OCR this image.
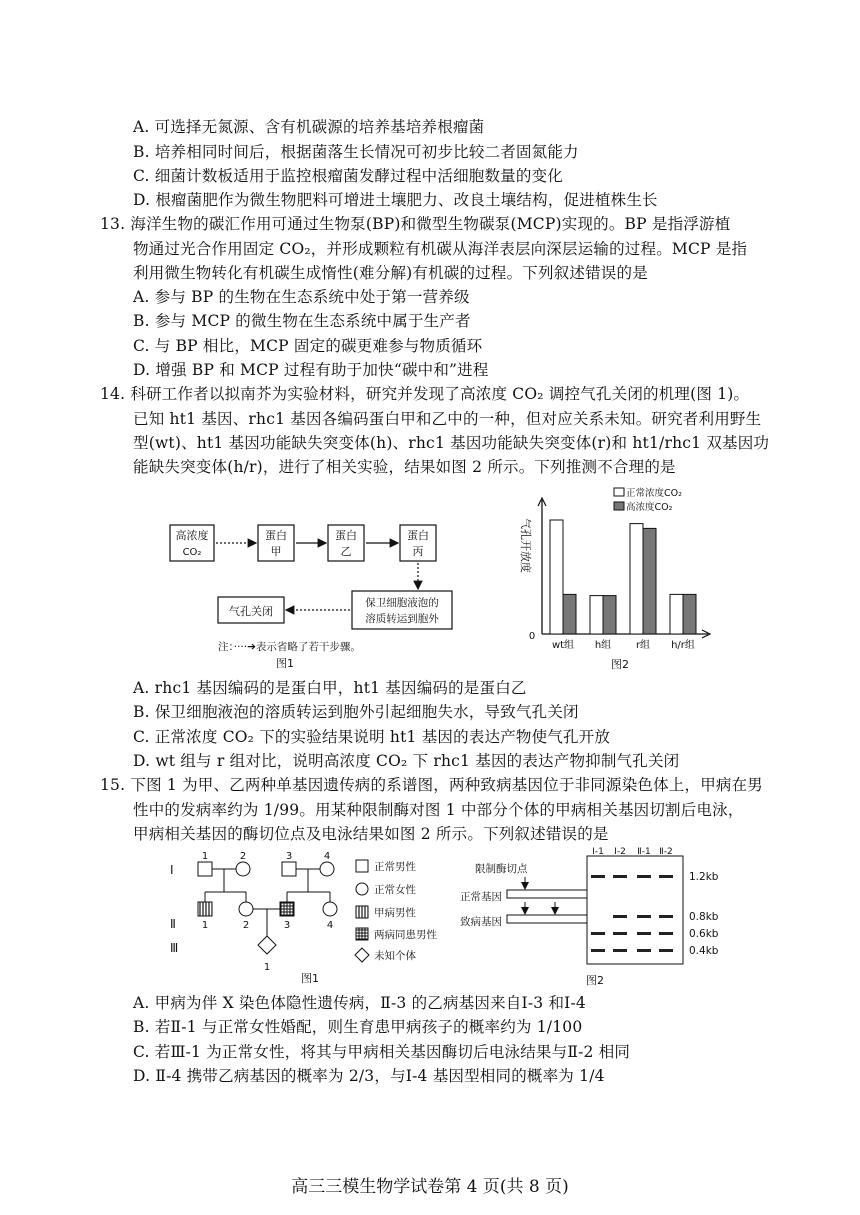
A. 可选择无氮源、含有机碳源的培养基培养根瘤菌
B. 培养相同时间后，根据菌落生长情况可初步比较二者固氮能力
C. 细菌计数板适用于监控根瘤菌发酵过程中活细胞数量的变化
D. 根瘤菌肥作为微生物肥料可增进土壤肥力、改良土壤结构，促进植株生长
13. 海洋生物的碳汇作用可通过生物泵(BP)和微型生物碳泵(MCP)实现的。BP 是指浮游植
物通过光合作用固定 CO₂，并形成颗粒有机碳从海洋表层向深层运输的过程。MCP 是指
利用微生物转化有机碳生成惰性(难分解)有机碳的过程。下列叙述错误的是
A. 参与 BP 的生物在生态系统中处于第一营养级
B. 参与 MCP 的微生物在生态系统中属于生产者
C. 与 BP 相比，MCP 固定的碳更难参与物质循环
D. 增强 BP 和 MCP 过程有助于加快“碳中和”进程
14. 科研工作者以拟南芥为实验材料，研究并发现了高浓度 CO₂ 调控气孔关闭的机理(图 1)。
已知 ht1 基因、rhc1 基因各编码蛋白甲和乙中的一种，但对应关系未知。研究者利用野生
型(wt)、ht1 基因功能缺失突变体(h)、rhc1 基因功能缺失突变体(r)和 ht1/rhc1 双基因功
能缺失突变体(h/r)，进行了相关实验，结果如图 2 所示。下列推测不合理的是
高浓度
CO₂
蛋白
甲
蛋白
乙
蛋白
丙
保卫细胞液泡的
溶质转运到胞外
气孔关闭
注：····➔表示省略了若干步骤。
图1
0
气孔开放度
wt组 h组 r组 h/r组
正常浓度CO₂
高浓度CO₂
图2
A. rhc1 基因编码的是蛋白甲，ht1 基因编码的是蛋白乙
B. 保卫细胞液泡的溶质转运到胞外引起细胞失水，导致气孔关闭
C. 正常浓度 CO₂ 下的实验结果说明 ht1 基因的表达产物使气孔开放
D. wt 组与 r 组对比，说明高浓度 CO₂ 下 rhc1 基因的表达产物抑制气孔关闭
15. 下图 1 为甲、乙两种单基因遗传病的系谱图，两种致病基因位于非同源染色体上，甲病在男
性中的发病率约为 1/99。用某种限制酶对图 1 中部分个体的甲病相关基因切割后电泳，
甲病相关基因的酶切位点及电泳结果如图 2 所示。下列叙述错误的是
Ⅰ
Ⅱ
Ⅲ
1	2	3	4
1	2	3	4
1
正常男性
正常女性
甲病男性
两病同患男性
未知个体
图1
限制酶切点
正常基因
致病基因
Ⅰ-1 Ⅰ-2 Ⅱ-1 Ⅱ-2
1.2kb
0.8kb
0.6kb
0.4kb
图2
A. 甲病为伴 X 染色体隐性遗传病，Ⅱ-3 的乙病基因来自Ⅰ-3 和Ⅰ-4
B. 若Ⅱ-1 与正常女性婚配，则生育患甲病孩子的概率约为 1/100
C. 若Ⅲ-1 为正常女性，将其与甲病相关基因酶切后电泳结果与Ⅱ-2 相同
D. Ⅱ-4 携带乙病基因的概率为 2/3，与Ⅰ-4 基因型相同的概率为 1/4
高三三模生物学试卷第 4 页(共 8 页)
